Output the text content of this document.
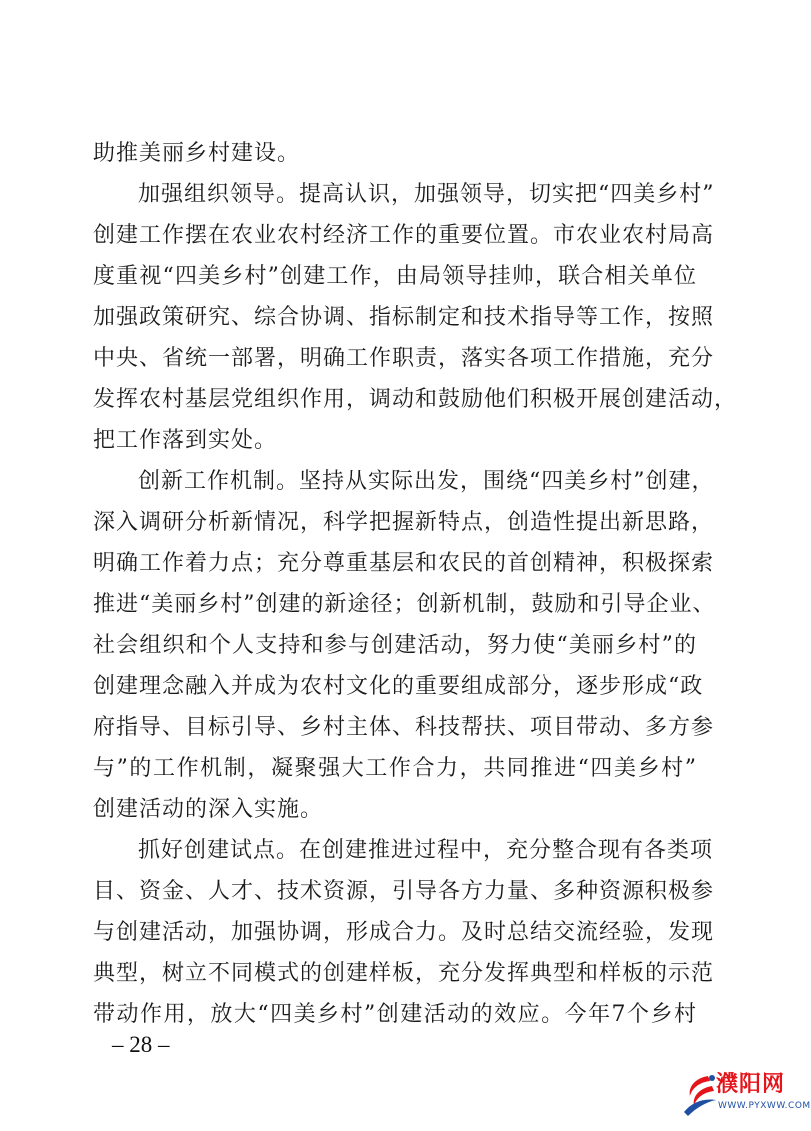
助推美丽乡村建设。
加强组织领导。提高认识，加强领导，切实把“四美乡村”
创建工作摆在农业农村经济工作的重要位置。市农业农村局高
度重视“四美乡村”创建工作，由局领导挂帅，联合相关单位
加强政策研究、综合协调、指标制定和技术指导等工作，按照
中央、省统一部署，明确工作职责，落实各项工作措施，充分
发挥农村基层党组织作用，调动和鼓励他们积极开展创建活动，
把工作落到实处。
创新工作机制。坚持从实际出发，围绕“四美乡村”创建，
深入调研分析新情况，科学把握新特点，创造性提出新思路，
明确工作着力点；充分尊重基层和农民的首创精神，积极探索
推进“美丽乡村”创建的新途径；创新机制，鼓励和引导企业、
社会组织和个人支持和参与创建活动，努力使“美丽乡村”的
创建理念融入并成为农村文化的重要组成部分，逐步形成“政
府指导、目标引导、乡村主体、科技帮扶、项目带动、多方参
与”的工作机制，凝聚强大工作合力，共同推进“四美乡村”
创建活动的深入实施。
抓好创建试点。在创建推进过程中，充分整合现有各类项
目、资金、人才、技术资源，引导各方力量、多种资源积极参
与创建活动，加强协调，形成合力。及时总结交流经验，发现
典型，树立不同模式的创建样板，充分发挥典型和样板的示范
带动作用，放大“四美乡村”创建活动的效应。今年7个乡村
– 28 –
濮阳网
WWW.PYXWW.COM
